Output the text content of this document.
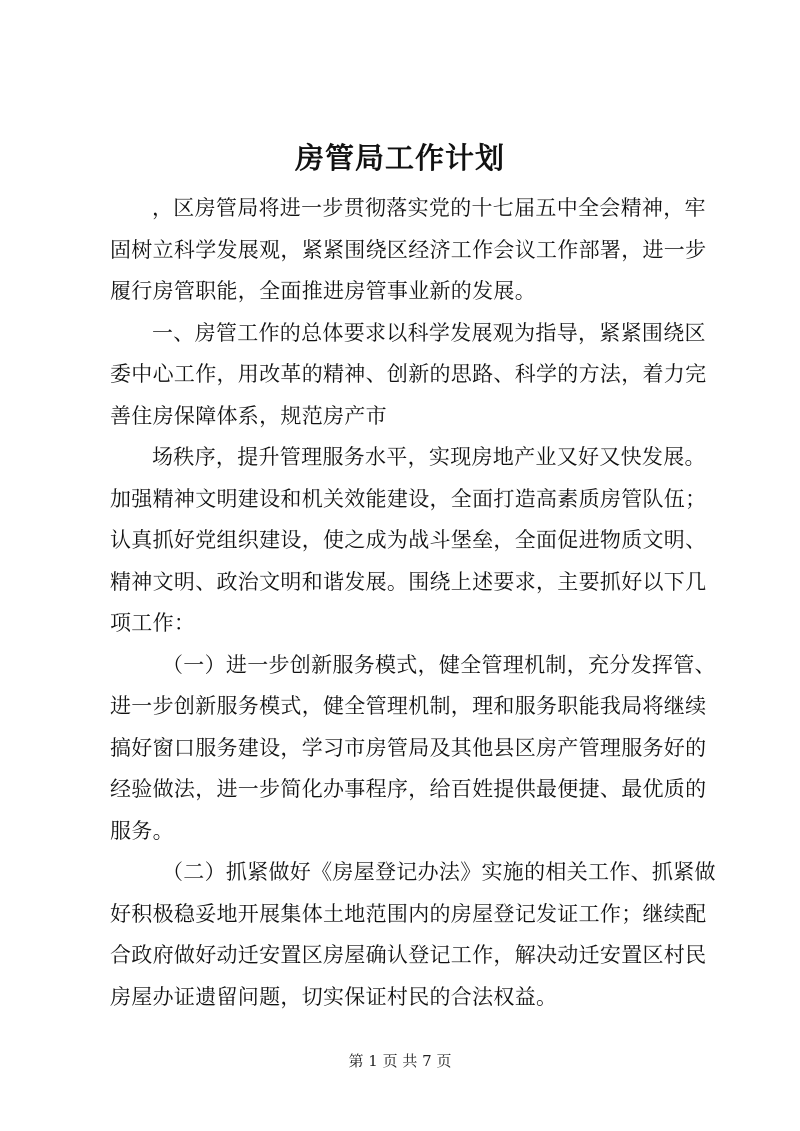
房管局工作计划
，区房管局将进一步贯彻落实党的十七届五中全会精神，牢
固树立科学发展观，紧紧围绕区经济工作会议工作部署，进一步
履行房管职能，全面推进房管事业新的发展。
一、房管工作的总体要求以科学发展观为指导，紧紧围绕区
委中心工作，用改革的精神、创新的思路、科学的方法，着力完
善住房保障体系，规范房产市
场秩序，提升管理服务水平，实现房地产业又好又快发展。
加强精神文明建设和机关效能建设，全面打造高素质房管队伍；
认真抓好党组织建设，使之成为战斗堡垒，全面促进物质文明、
精神文明、政治文明和谐发展。围绕上述要求，主要抓好以下几
项工作：
（一）进一步创新服务模式，健全管理机制，充分发挥管、
进一步创新服务模式，健全管理机制，理和服务职能我局将继续
搞好窗口服务建设，学习市房管局及其他县区房产管理服务好的
经验做法，进一步简化办事程序，给百姓提供最便捷、最优质的
服务。
（二）抓紧做好《房屋登记办法》实施的相关工作、抓紧做
好积极稳妥地开展集体土地范围内的房屋登记发证工作；继续配
合政府做好动迁安置区房屋确认登记工作，解决动迁安置区村民
房屋办证遗留问题，切实保证村民的合法权益。
第 1 页 共 7 页
